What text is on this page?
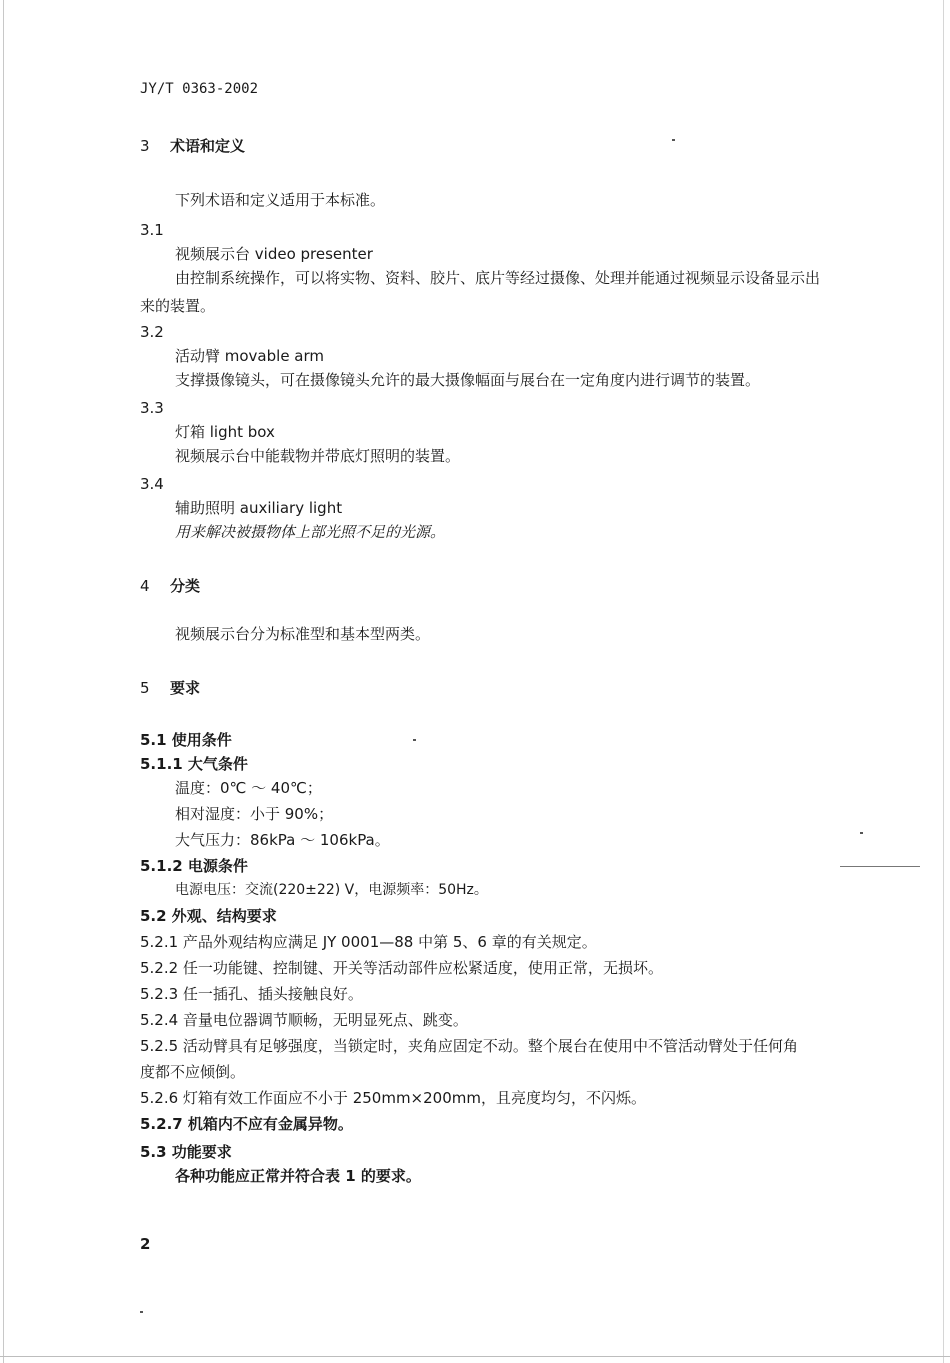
JY/T 0363-2002
3 术语和定义
下列术语和定义适用于本标准。
3.1
视频展示台 video presenter
由控制系统操作，可以将实物、资料、胶片、底片等经过摄像、处理并能通过视频显示设备显示出
来的装置。
3.2
活动臂 movable arm
支撑摄像镜头，可在摄像镜头允许的最大摄像幅面与展台在一定角度内进行调节的装置。
3.3
灯箱 light box
视频展示台中能载物并带底灯照明的装置。
3.4
辅助照明 auxiliary light
用来解决被摄物体上部光照不足的光源。
4 分类
视频展示台分为标准型和基本型两类。
5 要求
5.1 使用条件
5.1.1 大气条件
温度：0℃ ～ 40℃；
相对湿度：小于 90%；
大气压力：86kPa ～ 106kPa。
5.1.2 电源条件
电源电压：交流(220±22) V，电源频率：50Hz。
5.2 外观、结构要求
5.2.1 产品外观结构应满足 JY 0001—88 中第 5、6 章的有关规定。
5.2.2 任一功能键、控制键、开关等活动部件应松紧适度，使用正常，无损坏。
5.2.3 任一插孔、插头接触良好。
5.2.4 音量电位器调节顺畅，无明显死点、跳变。
5.2.5 活动臂具有足够强度，当锁定时，夹角应固定不动。整个展台在使用中不管活动臂处于任何角
度都不应倾倒。
5.2.6 灯箱有效工作面应不小于 250mm×200mm，且亮度均匀，不闪烁。
5.2.7 机箱内不应有金属异物。
5.3 功能要求
各种功能应正常并符合表 1 的要求。
2
